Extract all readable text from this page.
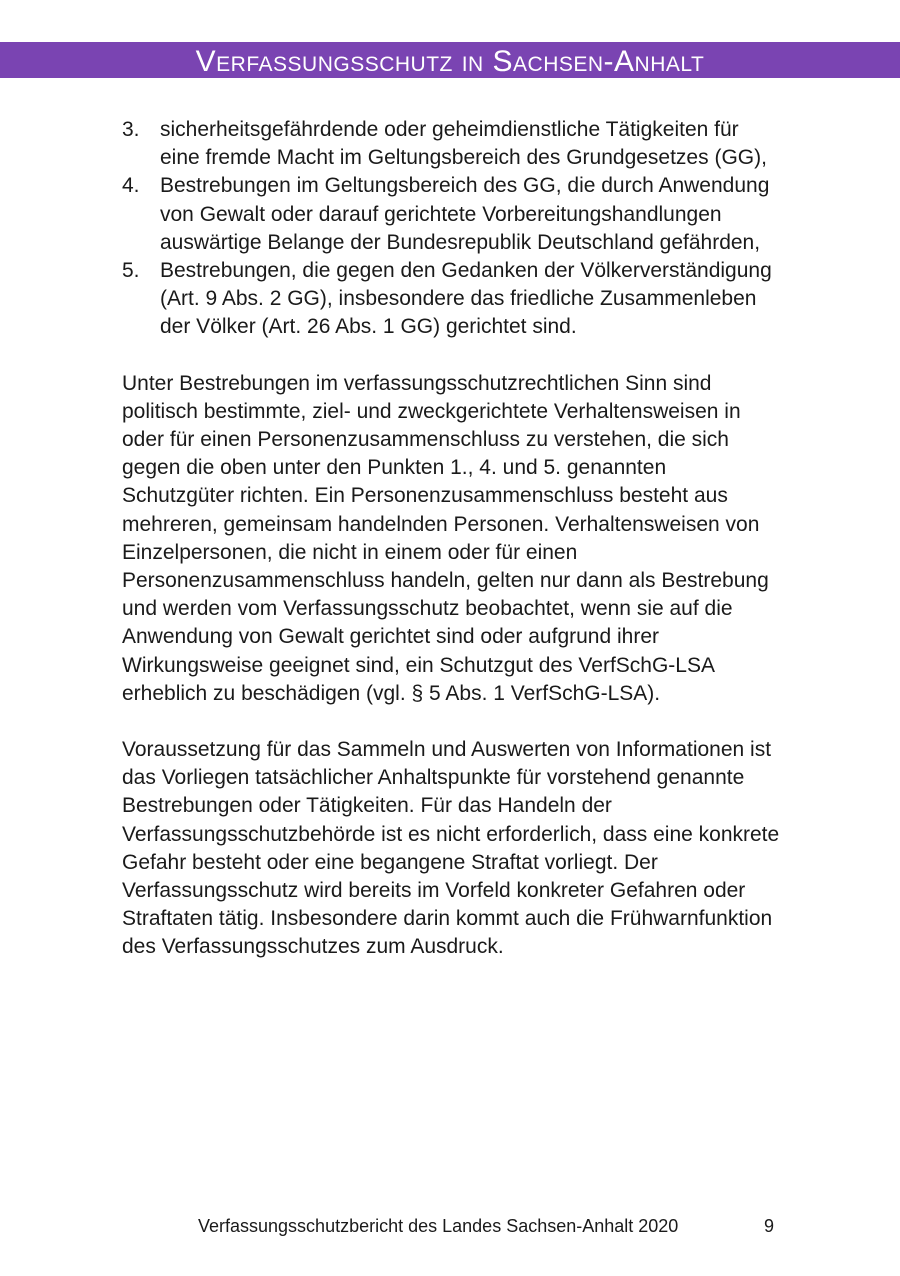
Verfassungsschutz in Sachsen-Anhalt
3. sicherheitsgefährdende oder geheimdienstliche Tätigkeiten für eine fremde Macht im Geltungsbereich des Grundgesetzes (GG),
4. Bestrebungen im Geltungsbereich des GG, die durch Anwendung von Gewalt oder darauf gerichtete Vorbereitungshandlungen auswärtige Belange der Bundesrepublik Deutschland gefährden,
5. Bestrebungen, die gegen den Gedanken der Völkerverständigung (Art. 9 Abs. 2 GG), insbesondere das friedliche Zusammenleben der Völker (Art. 26 Abs. 1 GG) gerichtet sind.

Unter Bestrebungen im verfassungsschutzrechtlichen Sinn sind politisch bestimmte, ziel- und zweckgerichtete Verhaltensweisen in oder für einen Personenzusammenschluss zu verstehen, die sich gegen die oben unter den Punkten 1., 4. und 5. genannten Schutzgüter richten. Ein Personenzusammenschluss besteht aus mehreren, gemeinsam handelnden Personen. Verhaltensweisen von Einzelpersonen, die nicht in einem oder für einen Personenzusammenschluss handeln, gelten nur dann als Bestrebung und werden vom Verfassungsschutz beobachtet, wenn sie auf die Anwendung von Gewalt gerichtet sind oder aufgrund ihrer Wirkungsweise geeignet sind, ein Schutzgut des VerfSchG-LSA erheblich zu beschädigen (vgl. § 5 Abs. 1 VerfSchG-LSA).

Voraussetzung für das Sammeln und Auswerten von Informationen ist das Vorliegen tatsächlicher Anhaltspunkte für vorstehend genannte Bestrebungen oder Tätigkeiten. Für das Handeln der Verfassungsschutzbehörde ist es nicht erforderlich, dass eine konkrete Gefahr besteht oder eine begangene Straftat vorliegt. Der Verfassungsschutz wird bereits im Vorfeld konkreter Gefahren oder Straftaten tätig. Insbesondere darin kommt auch die Frühwarnfunktion des Verfassungsschutzes zum Ausdruck.

Verfassungsschutzbericht des Landes Sachsen-Anhalt 2020	9
